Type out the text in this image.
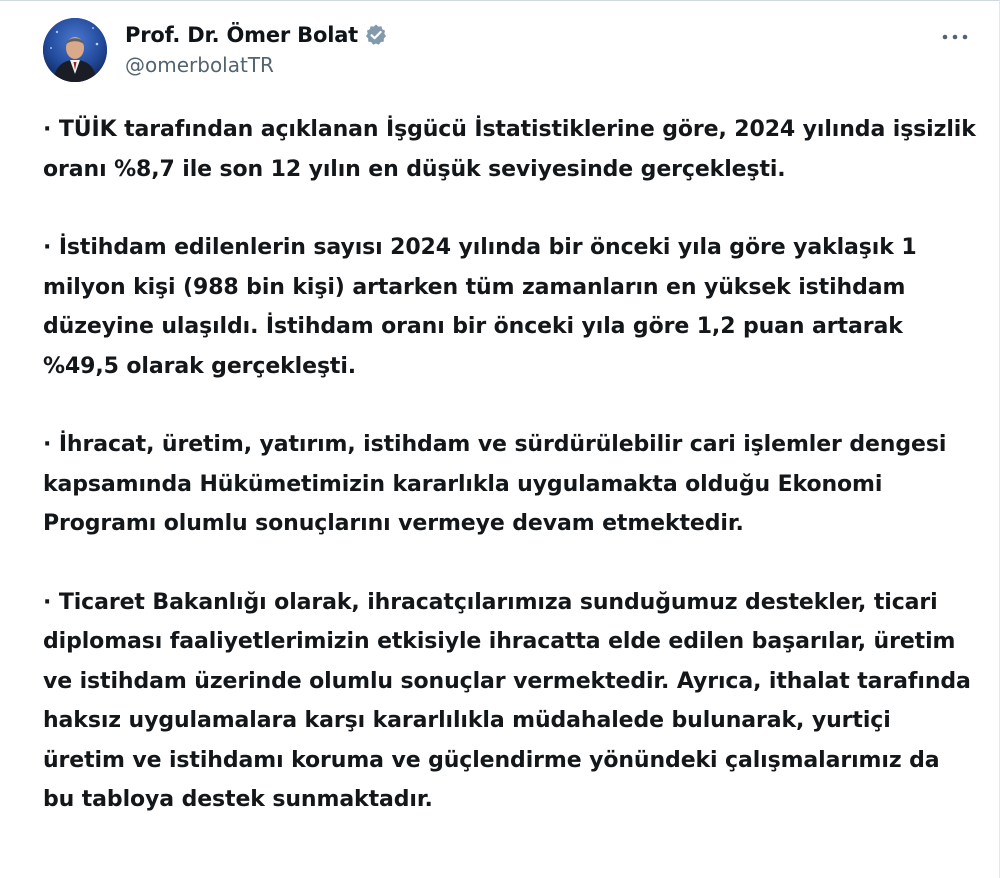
Prof. Dr. Ömer Bolat
@omerbolatTR

· TÜİK tarafından açıklanan İşgücü İstatistiklerine göre, 2024 yılında işsizlik oranı %8,7 ile son 12 yılın en düşük seviyesinde gerçekleşti.

· İstihdam edilenlerin sayısı 2024 yılında bir önceki yıla göre yaklaşık 1 milyon kişi (988 bin kişi) artarken tüm zamanların en yüksek istihdam düzeyine ulaşıldı. İstihdam oranı bir önceki yıla göre 1,2 puan artarak %49,5 olarak gerçekleşti.

· İhracat, üretim, yatırım, istihdam ve sürdürülebilir cari işlemler dengesi kapsamında Hükümetimizin kararlıkla uygulamakta olduğu Ekonomi Programı olumlu sonuçlarını vermeye devam etmektedir.

· Ticaret Bakanlığı olarak, ihracatçılarımıza sunduğumuz destekler, ticari diploması faaliyetlerimizin etkisiyle ihracatta elde edilen başarılar, üretim ve istihdam üzerinde olumlu sonuçlar vermektedir. Ayrıca, ithalat tarafında haksız uygulamalara karşı kararlılıkla müdahalede bulunarak, yurtiçi üretim ve istihdamı koruma ve güçlendirme yönündeki çalışmalarımız da bu tabloya destek sunmaktadır.
